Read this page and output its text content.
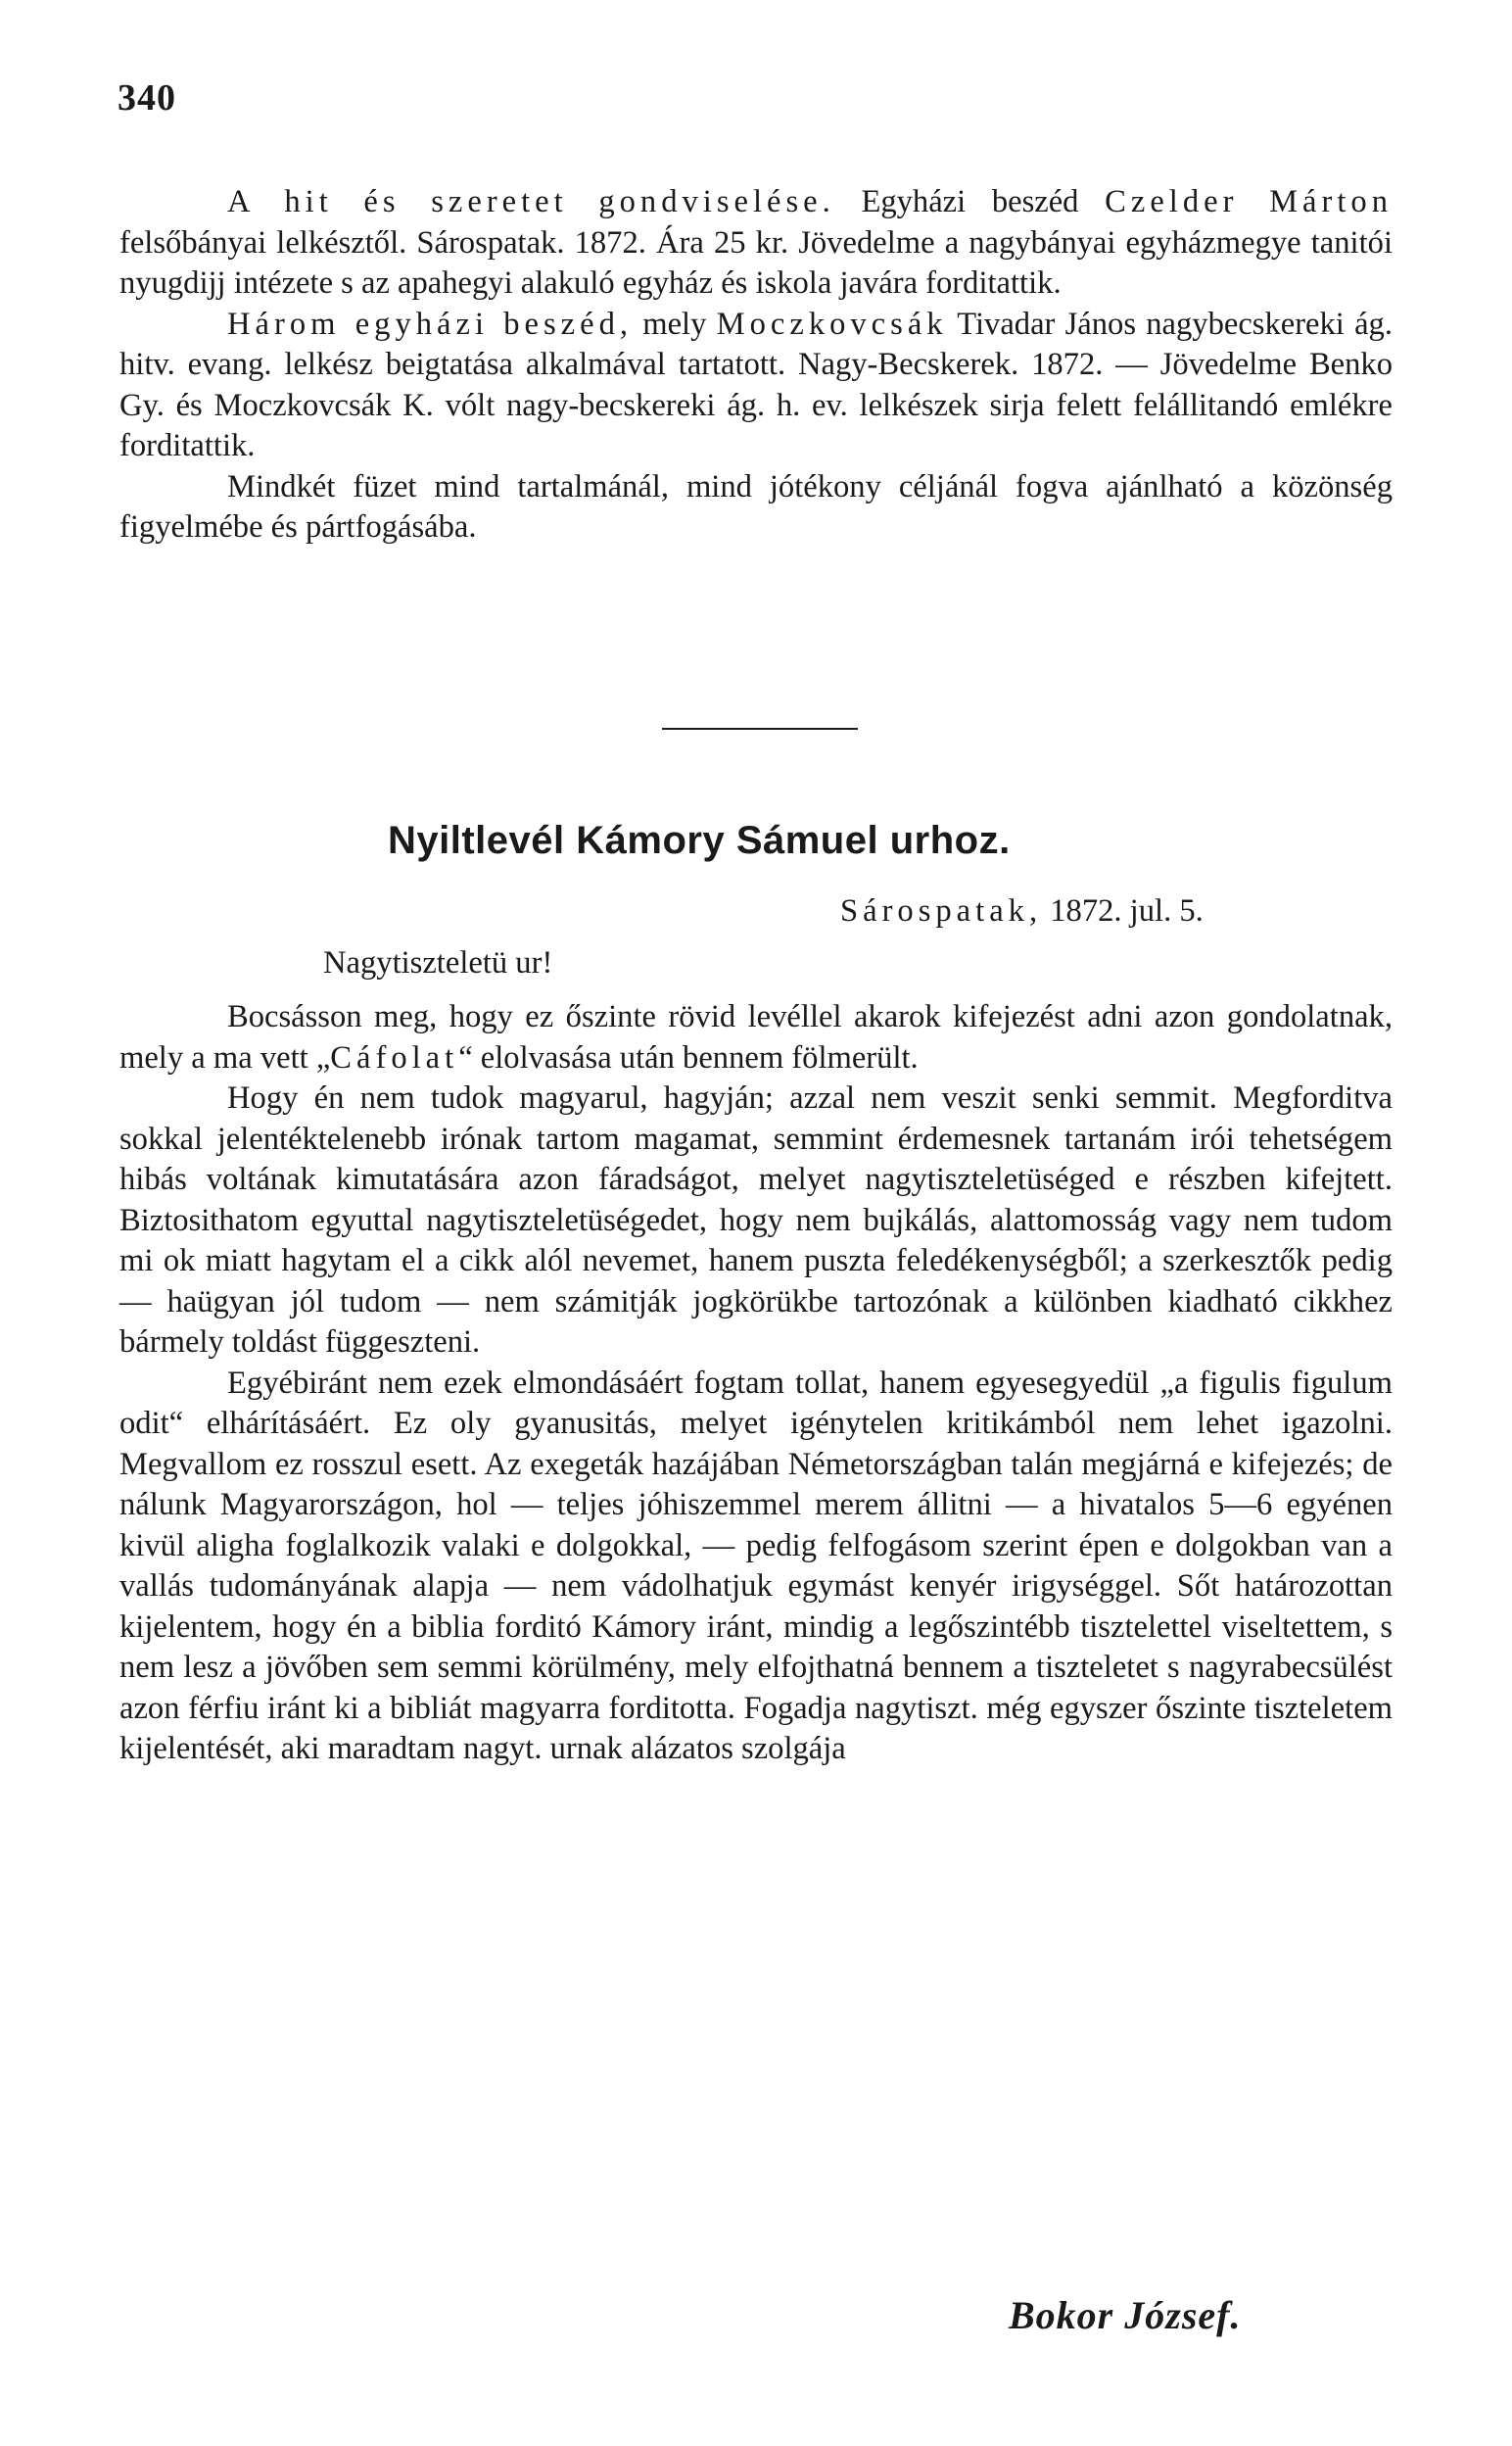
340

A hit és szeretet gondviselése. Egyházi beszéd Czelder Márton felsőbányai lelkésztől. Sárospatak. 1872. Ára 25 kr. Jövedelme a nagybányai egyházmegye tanitói nyugdijj intézete s az apahegyi alakuló egyház és iskola javára forditattik.

Három egyházi beszéd, mely Moczkovcsák Tivadar János nagybecskereki ág. hitv. evang. lelkész beigtatása alkalmával tartatott. Nagy-Becskerek. 1872. — Jövedelme Benko Gy. és Moczkovcsák K. vólt nagy-becskereki ág. h. ev. lelkészek sirja felett felállitandó emlékre forditattik.

Mindkét füzet mind tartalmánál, mind jótékony céljánál fogva ajánlható a közönség figyelmébe és pártfogásába.

Nyiltlevél Kámory Sámuel urhoz.
Sárospatak, 1872. jul. 5.
Nagytiszteletü ur!

Bocsásson meg, hogy ez őszinte rövid levéllel akarok kifejezést adni azon gondolatnak, mely a ma vett „Cáfolat“ elolvasása után bennem fölmerült.

Hogy én nem tudok magyarul, hagyján; azzal nem veszit senki semmit. Megforditva sokkal jelentéktelenebb irónak tartom magamat, semmint érdemesnek tartanám irói tehetségem hibás voltának kimutatására azon fáradságot, melyet nagytiszteletüséged e részben kifejtett. Biztosithatom egyuttal nagytiszteletüségedet, hogy nem bujkálás, alattomosság vagy nem tudom mi ok miatt hagytam el a cikk alól nevemet, hanem puszta feledékenységből; a szerkesztők pedig — haügyan jól tudom — nem számitják jogkörükbe tartozónak a különben kiadható cikkhez bármely toldást függeszteni.

Egyébiránt nem ezek elmondásáért fogtam tollat, hanem egyesegyedül „a figulis figulum odit“ elhárításáért. Ez oly gyanusitás, melyet igénytelen kritikámból nem lehet igazolni. Megvallom ez rosszul esett. Az exegeták hazájában Németországban talán megjárná e kifejezés; de nálunk Magyarországon, hol — teljes jóhiszemmel merem állitni — a hivatalos 5—6 egyénen kivül aligha foglalkozik valaki e dolgokkal, — pedig felfogásom szerint épen e dolgokban van a vallás tudományának alapja — nem vádolhatjuk egymást kenyér irigységgel. Sőt határozottan kijelentem, hogy én a biblia forditó Kámory iránt, mindig a legőszintébb tisztelettel viseltettem, s nem lesz a jövőben sem semmi körülmény, mely elfojthatná bennem a tiszteletet s nagyrabecsülést azon férfiu iránt ki a bibliát magyarra forditotta. Fogadja nagytiszt. még egyszer őszinte tiszteletem kijelentését, aki maradtam nagyt. urnak alázatos szolgája

Bokor József.
